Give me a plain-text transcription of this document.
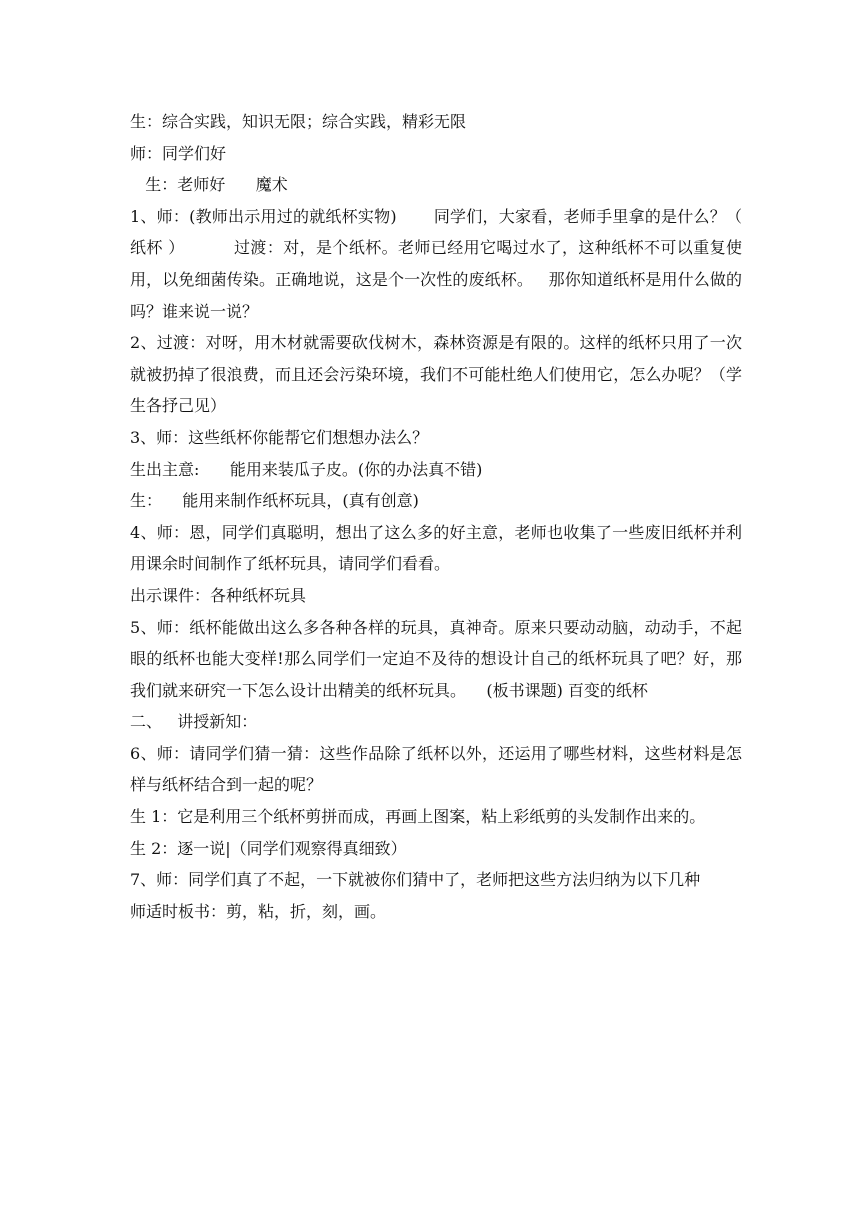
生：综合实践，知识无限；综合实践，精彩无限

师：同学们好

生：老师好      魔术

1、师：(教师出示用过的就纸杯实物)       同学们，大家看，老师手里拿的是什么？（ 纸杯 ）         过渡：对，是个纸杯。老师已经用它喝过水了，这种纸杯不可以重复使用，以免细菌传染。正确地说，这是个一次性的废纸杯。   那你知道纸杯是用什么做的吗？谁来说一说？

2、过渡：对呀，用木材就需要砍伐树木，森林资源是有限的。这样的纸杯只用了一次就被扔掉了很浪费，而且还会污染环境，我们不可能杜绝人们使用它，怎么办呢？（学生各抒己见）

3、师：这些纸杯你能帮它们想想办法么？

生出主意:      能用来装瓜子皮。(你的办法真不错)

生：    能用来制作纸杯玩具，(真有创意)

4、师：恩，同学们真聪明，想出了这么多的好主意，老师也收集了一些废旧纸杯并利用课余时间制作了纸杯玩具，请同学们看看。

出示课件：各种纸杯玩具

5、师：纸杯能做出这么多各种各样的玩具，真神奇。原来只要动动脑，动动手，不起眼的纸杯也能大变样!那么同学们一定迫不及待的想设计自己的纸杯玩具了吧？好，那我们就来研究一下怎么设计出精美的纸杯玩具。    (板书课题) 百变的纸杯

二、   讲授新知：

6、师：请同学们猜一猜：这些作品除了纸杯以外，还运用了哪些材料，这些材料是怎样与纸杯结合到一起的呢？

生 1：它是利用三个纸杯剪拼而成，再画上图案，粘上彩纸剪的头发制作出来的。

生 2：逐一说|（同学们观察得真细致）

7、师：同学们真了不起，一下就被你们猜中了，老师把这些方法归纳为以下几种

师适时板书：剪，粘，折，刻，画。
